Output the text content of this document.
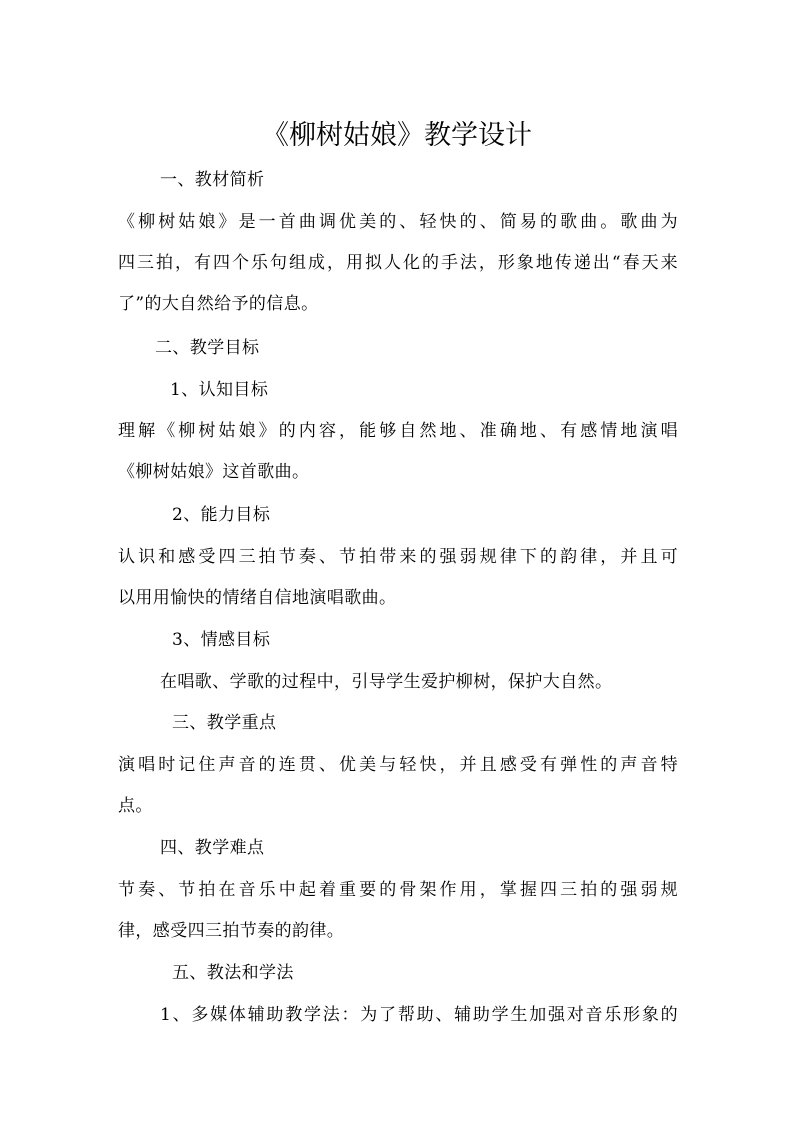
《柳树姑娘》教学设计
一、教材简析
《柳树姑娘》是一首曲调优美的、轻快的、简易的歌曲。歌曲为
四三拍，有四个乐句组成，用拟人化的手法，形象地传递出“春天来
了”的大自然给予的信息。
二、教学目标
1、认知目标
理解《柳树姑娘》的内容，能够自然地、准确地、有感情地演唱
《柳树姑娘》这首歌曲。
2、能力目标
认识和感受四三拍节奏、节拍带来的强弱规律下的韵律，并且可
以用用愉快的情绪自信地演唱歌曲。
3、情感目标
在唱歌、学歌的过程中，引导学生爱护柳树，保护大自然。
三、教学重点
演唱时记住声音的连贯、优美与轻快，并且感受有弹性的声音特
点。
四、教学难点
节奏、节拍在音乐中起着重要的骨架作用，掌握四三拍的强弱规
律，感受四三拍节奏的韵律。
五、教法和学法
1、多媒体辅助教学法：为了帮助、辅助学生加强对音乐形象的
